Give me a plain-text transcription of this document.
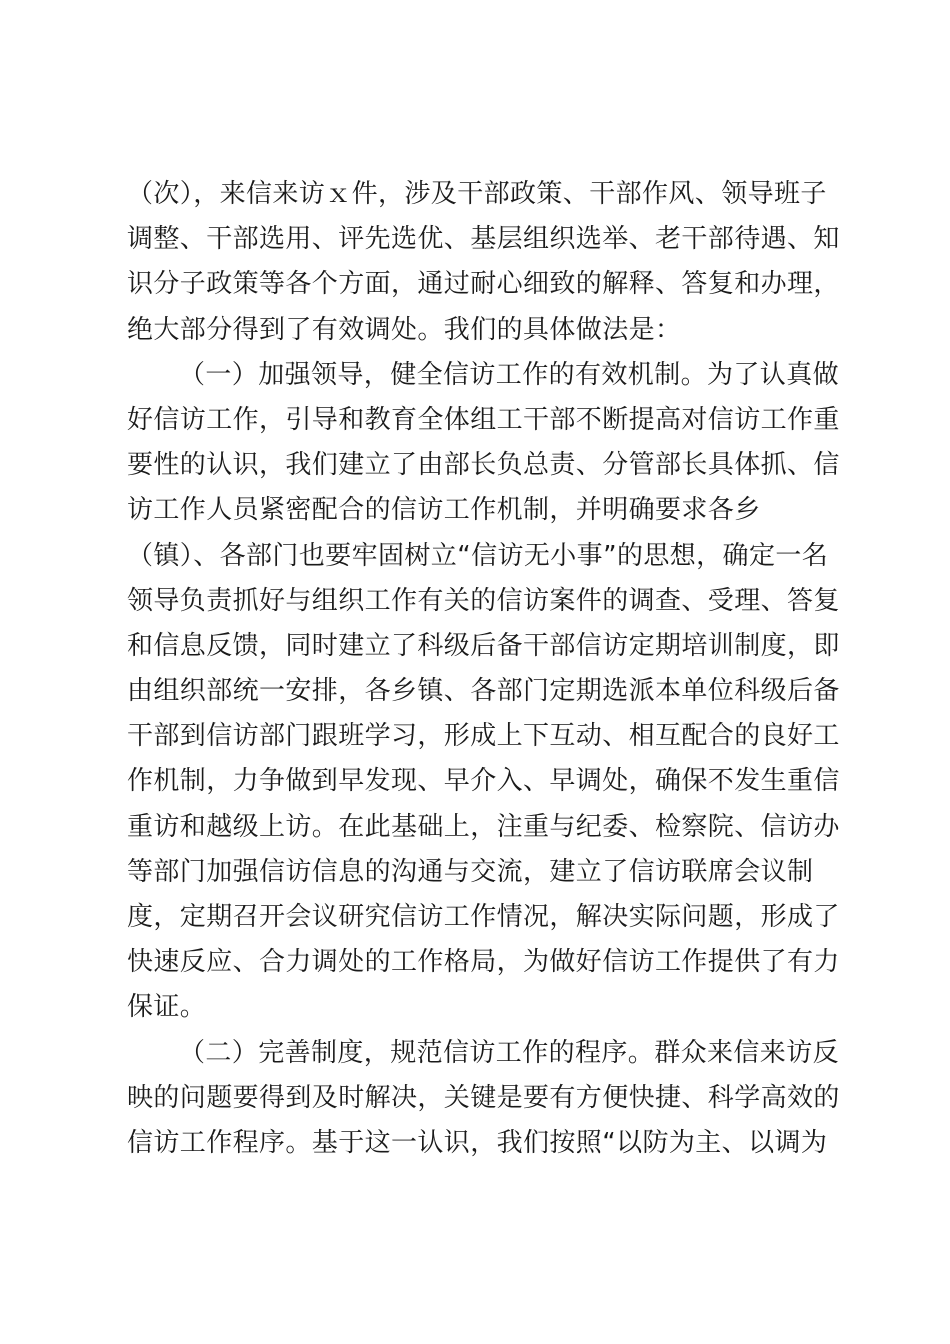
（次），来信来访ｘ件，涉及干部政策、干部作风、领导班子
调整、干部选用、评先选优、基层组织选举、老干部待遇、知
识分子政策等各个方面，通过耐心细致的解释、答复和办理，
绝大部分得到了有效调处。我们的具体做法是：
（一）加强领导，健全信访工作的有效机制。为了认真做
好信访工作，引导和教育全体组工干部不断提高对信访工作重
要性的认识，我们建立了由部长负总责、分管部长具体抓、信
访工作人员紧密配合的信访工作机制，并明确要求各乡
（镇）、各部门也要牢固树立“信访无小事”的思想，确定一名
领导负责抓好与组织工作有关的信访案件的调查、受理、答复
和信息反馈，同时建立了科级后备干部信访定期培训制度，即
由组织部统一安排，各乡镇、各部门定期选派本单位科级后备
干部到信访部门跟班学习，形成上下互动、相互配合的良好工
作机制，力争做到早发现、早介入、早调处，确保不发生重信
重访和越级上访。在此基础上，注重与纪委、检察院、信访办
等部门加强信访信息的沟通与交流，建立了信访联席会议制
度，定期召开会议研究信访工作情况，解决实际问题，形成了
快速反应、合力调处的工作格局，为做好信访工作提供了有力
保证。
（二）完善制度，规范信访工作的程序。群众来信来访反
映的问题要得到及时解决，关键是要有方便快捷、科学高效的
信访工作程序。基于这一认识，我们按照“以防为主、以调为
